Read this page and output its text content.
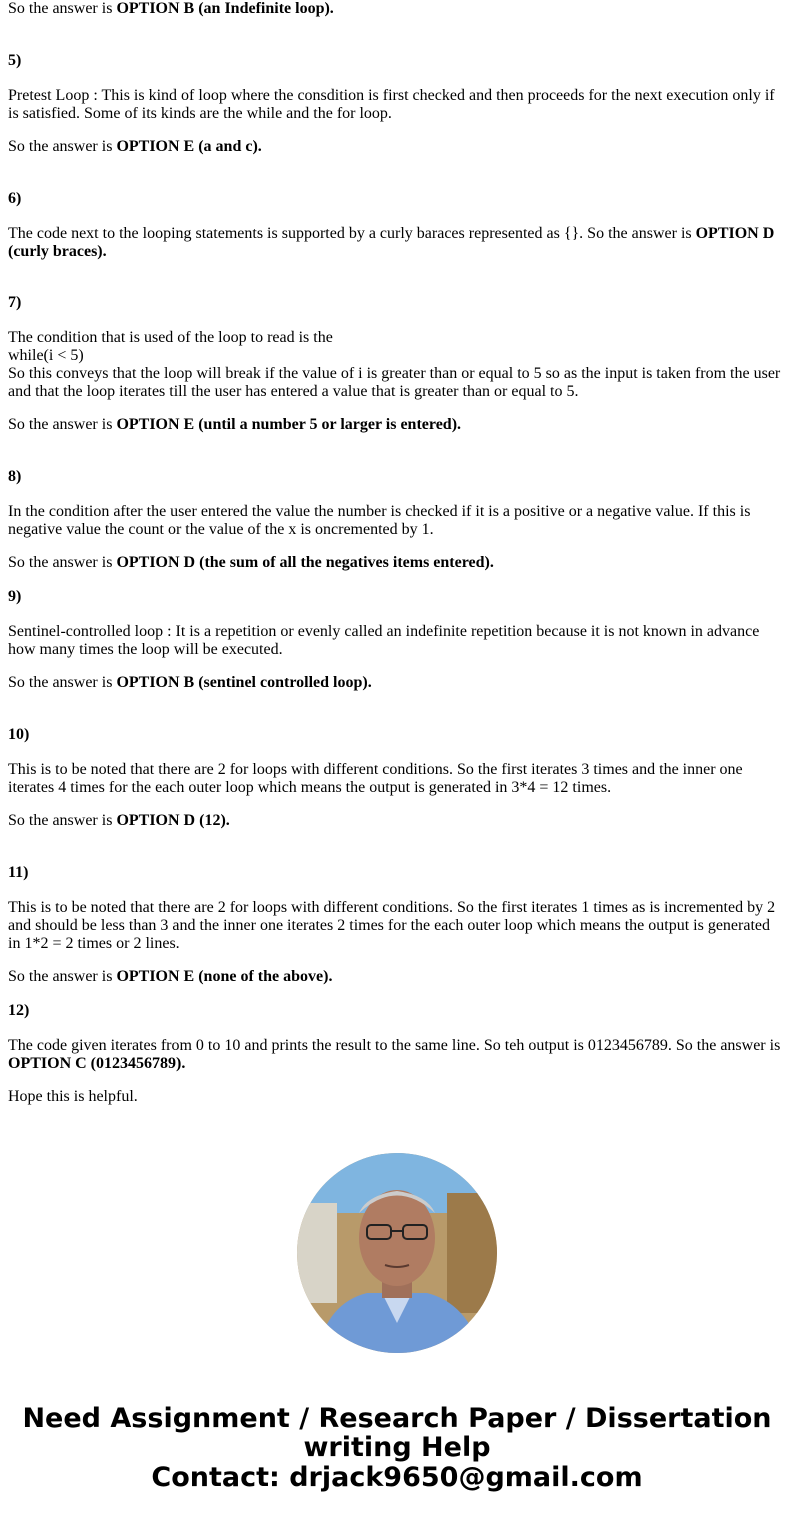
So the answer is OPTION B (an Indefinite loop).
5)
Pretest Loop : This is kind of loop where the consdition is first checked and then proceeds for the next execution only if is satisfied. Some of its kinds are the while and the for loop.
So the answer is OPTION E (a and c).
6)
The code next to the looping statements is supported by a curly baraces represented as {}. So the answer is OPTION D (curly braces).
7)
The condition that is used of the loop to read is the
while(i < 5)
So this conveys that the loop will break if the value of i is greater than or equal to 5 so as the input is taken from the user and that the loop iterates till the user has entered a value that is greater than or equal to 5.
So the answer is OPTION E (until a number 5 or larger is entered).
8)
In the condition after the user entered the value the number is checked if it is a positive or a negative value. If this is negative value the count or the value of the x is oncremented by 1.
So the answer is OPTION D (the sum of all the negatives items entered).
9)
Sentinel-controlled loop : It is a repetition or evenly called an indefinite repetition because it is not known in advance how many times the loop will be executed.
So the answer is OPTION B (sentinel controlled loop).
10)
This is to be noted that there are 2 for loops with different conditions. So the first iterates 3 times and the inner one iterates 4 times for the each outer loop which means the output is generated in 3*4 = 12 times.
So the answer is OPTION D (12).
11)
This is to be noted that there are 2 for loops with different conditions. So the first iterates 1 times as is incremented by 2 and should be less than 3 and the inner one iterates 2 times for the each outer loop which means the output is generated in 1*2 = 2 times or 2 lines.
So the answer is OPTION E (none of the above).
12)
The code given iterates from 0 to 10 and prints the result to the same line. So teh output is 0123456789. So the answer is OPTION C (0123456789).
Hope this is helpful.
Need Assignment / Research Paper / Dissertation
writing Help
Contact: drjack9650@gmail.com
